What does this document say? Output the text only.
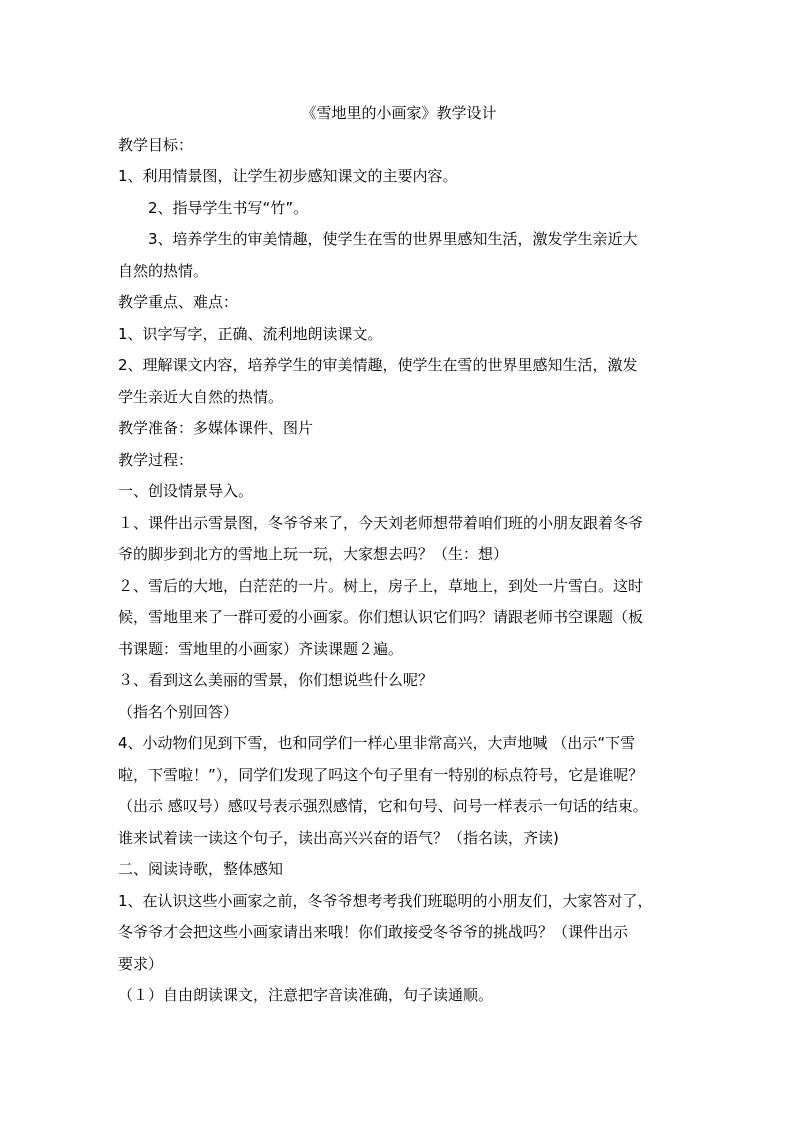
《雪地里的小画家》教学设计
教学目标：
1、利用情景图，让学生初步感知课文的主要内容。
2、指导学生书写“竹”。
3、培养学生的审美情趣，使学生在雪的世界里感知生活，激发学生亲近大
自然的热情。
教学重点、难点：
1、识字写字，正确、流利地朗读课文。
2、理解课文内容，培养学生的审美情趣，使学生在雪的世界里感知生活，激发
学生亲近大自然的热情。
教学准备：多媒体课件、图片
教学过程：
一、创设情景导入。
１、课件出示雪景图，冬爷爷来了，今天刘老师想带着咱们班的小朋友跟着冬爷
爷的脚步到北方的雪地上玩一玩，大家想去吗？（生：想）
２、雪后的大地，白茫茫的一片。树上，房子上，草地上，到处一片雪白。这时
候，雪地里来了一群可爱的小画家。你们想认识它们吗？请跟老师书空课题（板
书课题：雪地里的小画家）齐读课题２遍。
３、看到这么美丽的雪景，你们想说些什么呢？
（指名个别回答）
4、小动物们见到下雪，也和同学们一样心里非常高兴，大声地喊 （出示“下雪
啦，下雪啦！”），同学们发现了吗这个句子里有一特别的标点符号，它是谁呢？
（出示 感叹号）感叹号表示强烈感情，它和句号、问号一样表示一句话的结束。
谁来试着读一读这个句子，读出高兴兴奋的语气？（指名读，齐读)
二、阅读诗歌，整体感知
1、在认识这些小画家之前，冬爷爷想考考我们班聪明的小朋友们，大家答对了，
冬爷爷才会把这些小画家请出来哦！你们敢接受冬爷爷的挑战吗？（课件出示
要求）
（１）自由朗读课文，注意把字音读准确，句子读通顺。
